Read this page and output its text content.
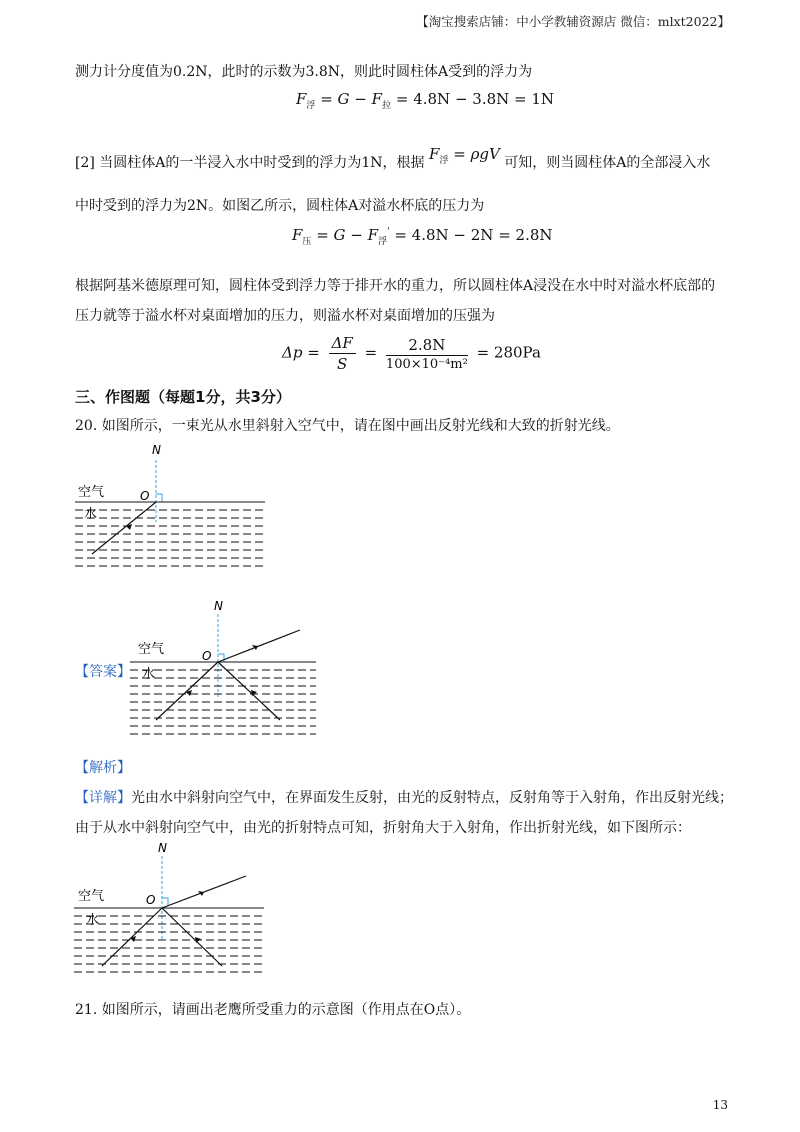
【淘宝搜索店铺：中小学教辅资源店 微信：mlxt2022】
测力计分度值为0.2N，此时的示数为3.8N，则此时圆柱体A受到的浮力为
$F_浮 = G - F_拉 = 4.8N - 3.8N = 1N$
[2] 当圆柱体A的一半浸入水中时受到的浮力为1N，根据 $F_浮 = \rho gV$ 可知，则当圆柱体A的全部浸入水
中时受到的浮力为2N。如图乙所示，圆柱体A对溢水杯底的压力为
$F_压 = G - F_浮' = 4.8N - 2N = 2.8N$
根据阿基米德原理可知，圆柱体受到浮力等于排开水的重力，所以圆柱体A浸没在水中时对溢水杯底部的
压力就等于溢水杯对桌面增加的压力，则溢水杯对桌面增加的压强为
$\Delta p = \frac{\Delta F}{S} = \frac{2.8N}{\text{100×10⁻⁴m²}} = 280Pa$
三、作图题（每题1分，共3分）
20. 如图所示，一束光从水里斜射入空气中，请在图中画出反射光线和大致的折射光线。
N
O
空气
水
【答案】
N
O
空气
水
【解析】
【详解】光由水中斜射向空气中，在界面发生反射，由光的反射特点，反射角等于入射角，作出反射光线；
由于从水中斜射向空气中，由光的折射特点可知，折射角大于入射角，作出折射光线，如下图所示：
N
O
空气
水
21. 如图所示，请画出老鹰所受重力的示意图（作用点在O点）。
13
